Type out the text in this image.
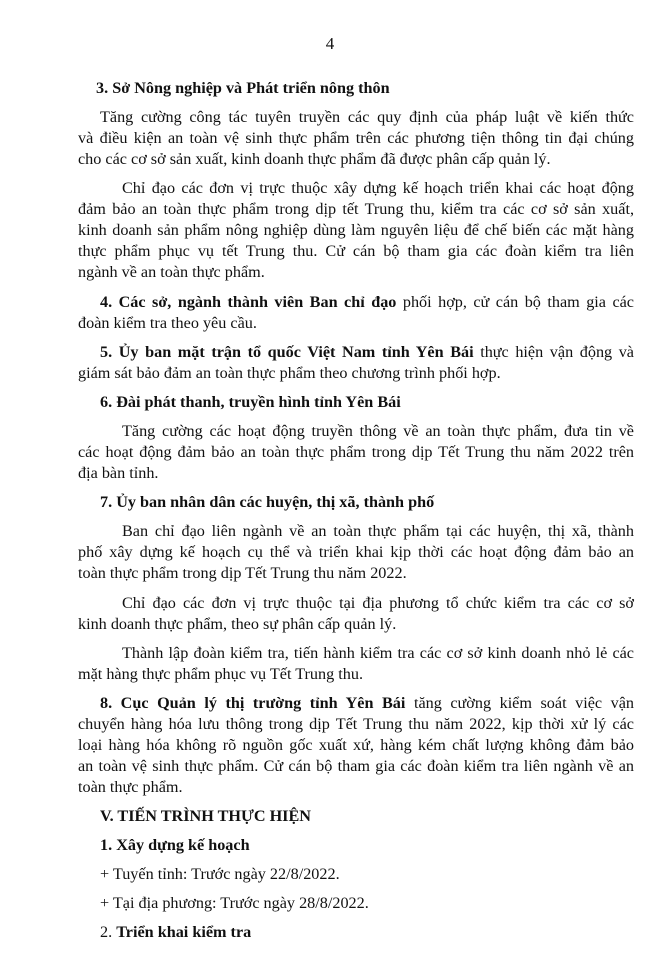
4
3. Sở Nông nghiệp và Phát triển nông thôn
Tăng cường công tác tuyên truyền các quy định của pháp luật về kiến thức
và điều kiện an toàn vệ sinh thực phẩm trên các phương tiện thông tin đại chúng
cho các cơ sở sản xuất, kinh doanh thực phẩm đã được phân cấp quản lý.
Chỉ đạo các đơn vị trực thuộc xây dựng kế hoạch triển khai các hoạt động
đảm bảo an toàn thực phẩm trong dịp tết Trung thu, kiểm tra các cơ sở sản xuất,
kinh doanh sản phẩm nông nghiệp dùng làm nguyên liệu để chế biến các mặt hàng
thực phẩm phục vụ tết Trung thu. Cử cán bộ tham gia các đoàn kiểm tra liên
ngành về an toàn thực phẩm.
4. Các sở, ngành thành viên Ban chỉ đạo phối hợp, cử cán bộ tham gia các
đoàn kiểm tra theo yêu cầu.
5. Ủy ban mặt trận tổ quốc Việt Nam tỉnh Yên Bái thực hiện vận động và
giám sát bảo đảm an toàn thực phẩm theo chương trình phối hợp.
6. Đài phát thanh, truyền hình tỉnh Yên Bái
Tăng cường các hoạt động truyền thông về an toàn thực phẩm, đưa tin về
các hoạt động đảm bảo an toàn thực phẩm trong dịp Tết Trung thu năm 2022 trên
địa bàn tỉnh.
7. Ủy ban nhân dân các huyện, thị xã, thành phố
Ban chỉ đạo liên ngành về an toàn thực phẩm tại các huyện, thị xã, thành
phố xây dựng kế hoạch cụ thể và triển khai kịp thời các hoạt động đảm bảo an
toàn thực phẩm trong dịp Tết Trung thu năm 2022.
Chỉ đạo các đơn vị trực thuộc tại địa phương tổ chức kiểm tra các cơ sở
kinh doanh thực phẩm, theo sự phân cấp quản lý.
Thành lập đoàn kiểm tra, tiến hành kiểm tra các cơ sở kinh doanh nhỏ lẻ các
mặt hàng thực phẩm phục vụ Tết Trung thu.
8. Cục Quản lý thị trường tỉnh Yên Bái tăng cường kiểm soát việc vận
chuyển hàng hóa lưu thông trong dịp Tết Trung thu năm 2022, kịp thời xử lý các
loại hàng hóa không rõ nguồn gốc xuất xứ, hàng kém chất lượng không đảm bảo
an toàn vệ sinh thực phẩm. Cử cán bộ tham gia các đoàn kiểm tra liên ngành về an
toàn thực phẩm.
V. TIẾN TRÌNH THỰC HIỆN
1. Xây dựng kế hoạch
+ Tuyến tỉnh: Trước ngày 22/8/2022.
+ Tại địa phương: Trước ngày 28/8/2022.
2. Triển khai kiểm tra
